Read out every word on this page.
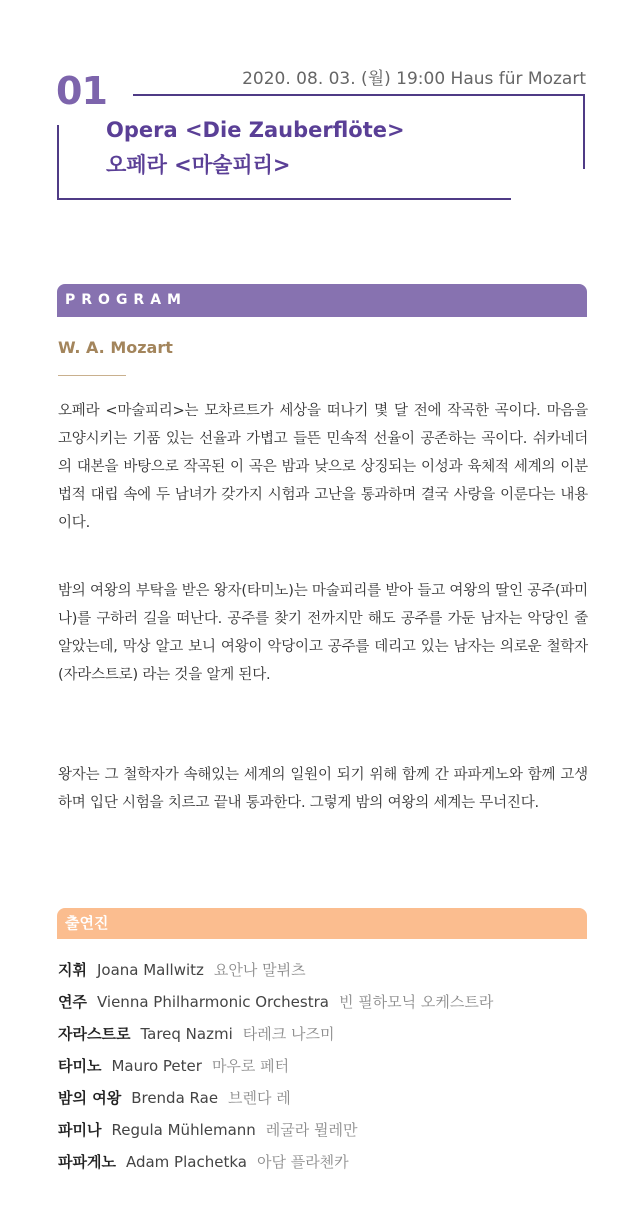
2020. 08. 03. (월) 19:00 Haus für Mozart
01
Opera <Die Zauberflöte>
오페라 <마술피리>
PROGRAM
W. A. Mozart

오페라 <마술피리>는 모차르트가 세상을 떠나기 몇 달 전에 작곡한 곡이다. 마음을 고양시키는 기품 있는 선율과 가볍고 들뜬 민속적 선율이 공존하는 곡이다. 쉬카네더의 대본을 바탕으로 작곡된 이 곡은 밤과 낮으로 상징되는 이성과 육체적 세계의 이분법적 대립 속에 두 남녀가 갖가지 시험과 고난을 통과하며 결국 사랑을 이룬다는 내용이다.

밤의 여왕의 부탁을 받은 왕자(타미노)는 마술피리를 받아 들고 여왕의 딸인 공주(파미나)를 구하러 길을 떠난다. 공주를 찾기 전까지만 해도 공주를 가둔 남자는 악당인 줄 알았는데, 막상 알고 보니 여왕이 악당이고 공주를 데리고 있는 남자는 의로운 철학자(자라스트로) 라는 것을 알게 된다.

왕자는 그 철학자가 속해있는 세계의 일원이 되기 위해 함께 간 파파게노와 함께 고생하며 입단 시험을 치르고 끝내 통과한다. 그렇게 밤의 여왕의 세계는 무너진다.

출연진
지휘 Joana Mallwitz 요안나 말뷔츠
연주 Vienna Philharmonic Orchestra 빈 필하모닉 오케스트라
자라스트로 Tareq Nazmi 타레크 나즈미
타미노 Mauro Peter 마우로 페터
밤의 여왕 Brenda Rae 브렌다 레
파미나 Regula Mühlemann 레굴라 뮐레만
파파게노 Adam Plachetka 아담 플라첸카
